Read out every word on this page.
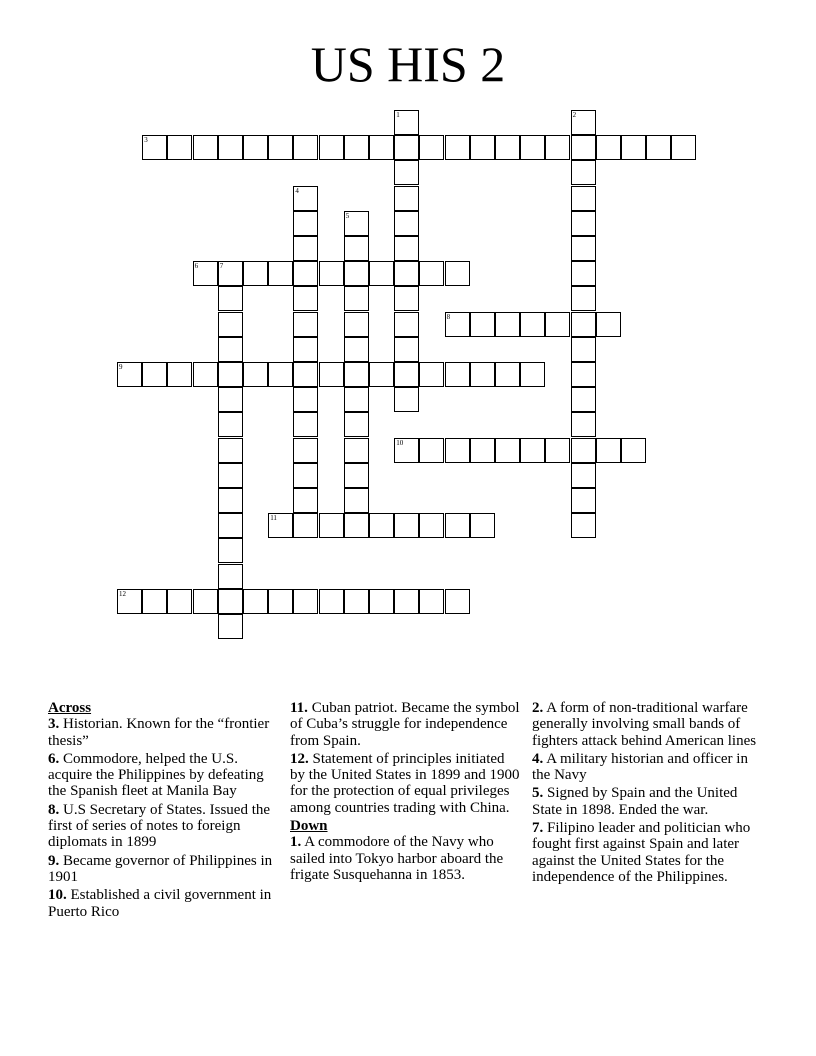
US HIS 2
1	2
3
4
5
6	7
8
9
10
11
12
Across
3. Historian. Known for the “frontier thesis”
6. Commodore, helped the U.S. acquire the Philippines by defeating the Spanish fleet at Manila Bay
8. U.S Secretary of States. Issued the first of series of notes to foreign diplomats in 1899
9. Became governor of Philippines in 1901
10. Established a civil government in Puerto Rico
11. Cuban patriot. Became the symbol of Cuba’s struggle for independence from Spain.
12. Statement of principles initiated by the United States in 1899 and 1900 for the protection of equal privileges among countries trading with China.
Down
1. A commodore of the Navy who sailed into Tokyo harbor aboard the frigate Susquehanna in 1853.
2. A form of non-traditional warfare generally involving small bands of fighters attack behind American lines
4. A military historian and officer in the Navy
5. Signed by Spain and the United State in 1898. Ended the war.
7. Filipino leader and politician who fought first against Spain and later against the United States for the independence of the Philippines.
